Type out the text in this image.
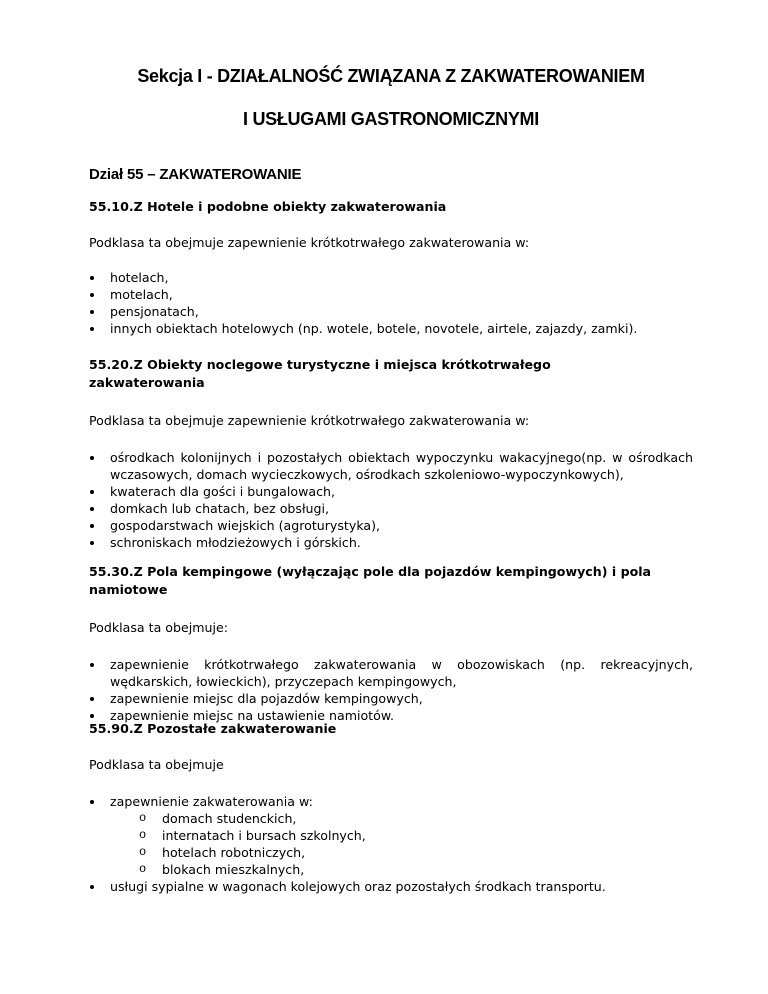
Sekcja I - DZIAŁALNOŚĆ ZWIĄZANA Z ZAKWATEROWANIEM
I USŁUGAMI GASTRONOMICZNYMI
Dział 55 – ZAKWATEROWANIE

55.10.Z Hotele i podobne obiekty zakwaterowania

Podklasa ta obejmuje zapewnienie krótkotrwałego zakwaterowania w:

hotelach,
motelach,
pensjonatach,
innych obiektach hotelowych (np. wotele, botele, novotele, airtele, zajazdy, zamki).

55.20.Z Obiekty noclegowe turystyczne i miejsca krótkotrwałego zakwaterowania

Podklasa ta obejmuje zapewnienie krótkotrwałego zakwaterowania w:

ośrodkach kolonijnych i pozostałych obiektach wypoczynku wakacyjnego(np. w ośrodkach wczasowych, domach wycieczkowych, ośrodkach szkoleniowo-wypoczynkowych),
kwaterach dla gości i bungalowach,
domkach lub chatach, bez obsługi,
gospodarstwach wiejskich (agroturystyka),
schroniskach młodzieżowych i górskich.

55.30.Z Pola kempingowe (wyłączając pole dla pojazdów kempingowych) i pola namiotowe

Podklasa ta obejmuje:

zapewnienie krótkotrwałego zakwaterowania w obozowiskach (np. rekreacyjnych, wędkarskich, łowieckich), przyczepach kempingowych,
zapewnienie miejsc dla pojazdów kempingowych,
zapewnienie miejsc na ustawienie namiotów.

55.90.Z Pozostałe zakwaterowanie

Podklasa ta obejmuje

zapewnienie zakwaterowania w:
o domach studenckich,
o internatach i bursach szkolnych,
o hotelach robotniczych,
o blokach mieszkalnych,
usługi sypialne w wagonach kolejowych oraz pozostałych środkach transportu.
